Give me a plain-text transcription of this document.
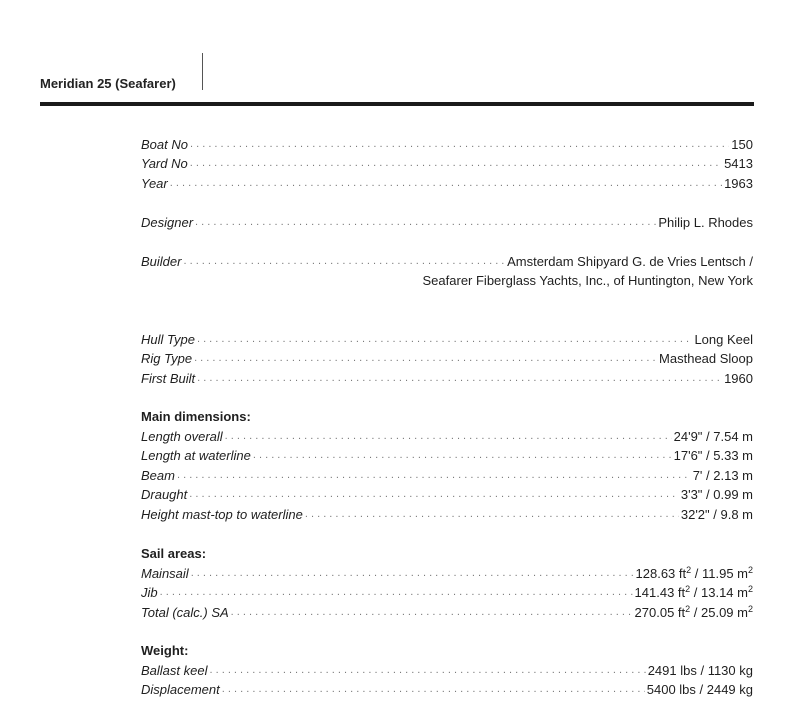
Meridian 25 (Seafarer)
Boat No . . .	150
Yard No . . .	5413
Year . . .	1963
Designer . . .	Philip L. Rhodes
Builder . . .	Amsterdam Shipyard G. de Vries Lentsch /
Seafarer Fiberglass Yachts, Inc., of Huntington, New York
Hull Type . . .	Long Keel
Rig Type . . .	Masthead Sloop
First Built . . .	1960
Main dimensions:
Length overall . . .	24'9" / 7.54 m
Length at waterline . . .	17'6" / 5.33 m
Beam . . .	7' / 2.13 m
Draught . . .	3'3" / 0.99 m
Height mast-top to waterline . . .	32'2" / 9.8 m
Sail areas:
Mainsail . . .	128.63 $ft^2 / 11.95$ $m^2$
Jib . . .	141.43 $ft^2 / 13.14$ $m^2$
Total (calc.) SA . . .	270.05 $ft^2 / 25.09$ $m^2$
Weight:
Ballast keel . . .	2491 lbs / 1130 kg
Displacement . . .	5400 lbs / 2449 kg
